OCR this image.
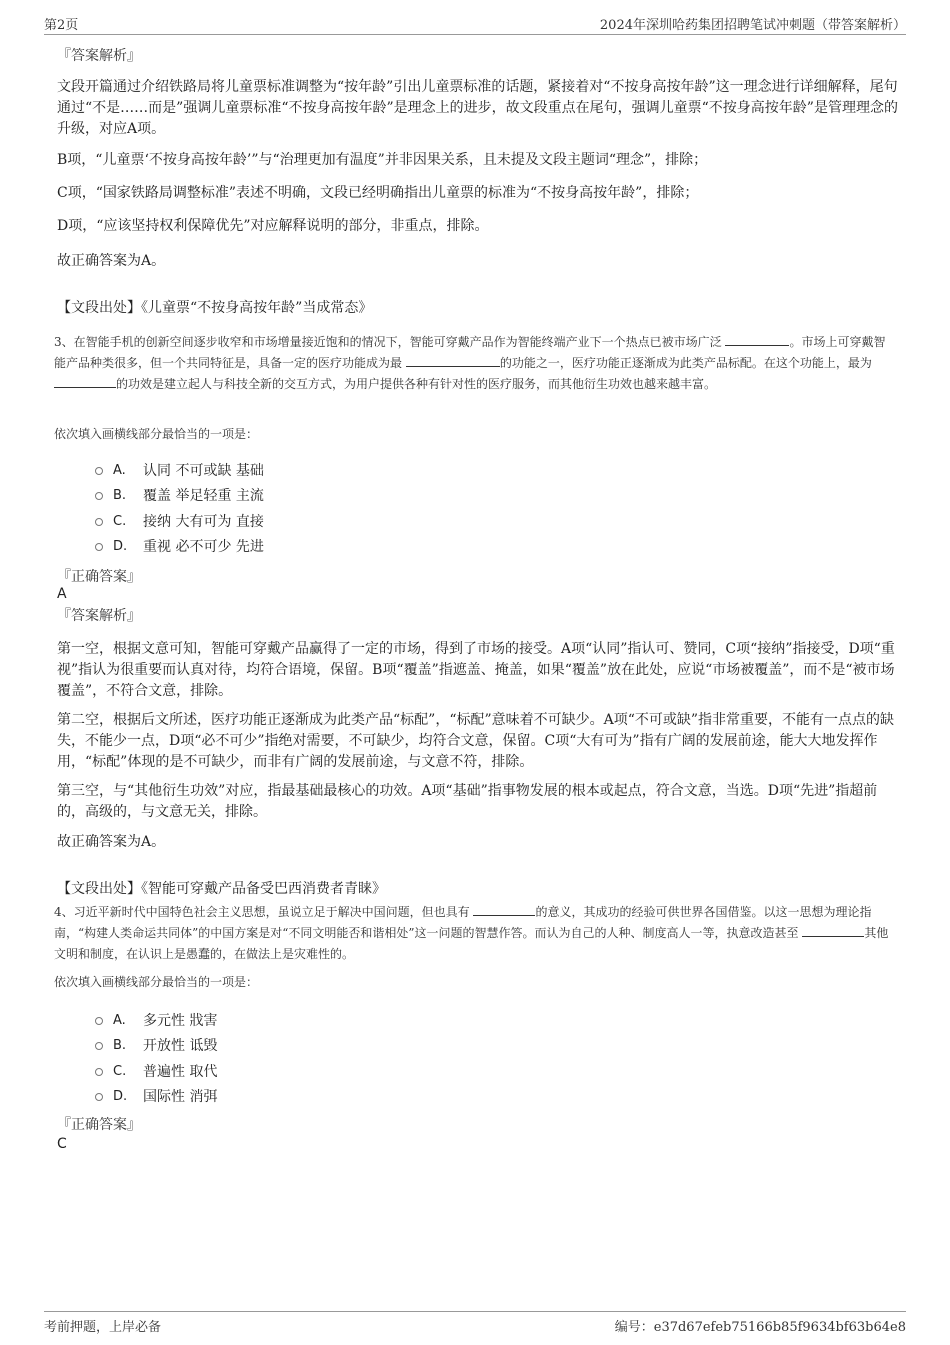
第2页	2024年深圳哈药集团招聘笔试冲刺题（带答案解析）
『答案解析』

文段开篇通过介绍铁路局将儿童票标准调整为“按年龄”引出儿童票标准的话题，紧接着对“不按身高按年龄”这一理念进行详细解释，尾句通过“不是……而是”强调儿童票标准“不按身高按年龄”是理念上的进步，故文段重点在尾句，强调儿童票“不按身高按年龄”是管理理念的升级，对应A项。

B项，“儿童票‘不按身高按年龄’”与“治理更加有温度”并非因果关系，且未提及文段主题词“理念”，排除；

C项，“国家铁路局调整标准”表述不明确，文段已经明确指出儿童票的标准为“不按身高按年龄”，排除；

D项，“应该坚持权利保障优先”对应解释说明的部分，非重点，排除。

故正确答案为A。

【文段出处】《儿童票“不按身高按年龄”当成常态》

3、在智能手机的创新空间逐步收窄和市场增量接近饱和的情况下，智能可穿戴产品作为智能终端产业下一个热点已被市场广泛	。市场上可穿戴智能产品种类很多，但一个共同特征是，具备一定的医疗功能成为最	的功能之一，医疗功能正逐渐成为此类产品标配。在这个功能上，最为 的功效是建立起人与科技全新的交互方式，为用户提供各种有针对性的医疗服务，而其他衍生功效也越来越丰富。

依次填入画横线部分最恰当的一项是：

A.	认同 不可或缺 基础
B.	覆盖 举足轻重 主流
C.	接纳 大有可为 直接
D.	重视 必不可少 先进
『正确答案』
A
『答案解析』

第一空，根据文意可知，智能可穿戴产品赢得了一定的市场，得到了市场的接受。A项“认同”指认可、赞同，C项“接纳”指接受，D项“重视”指认为很重要而认真对待，均符合语境，保留。B项“覆盖”指遮盖、掩盖，如果“覆盖”放在此处，应说“市场被覆盖”，而不是“被市场覆盖”，不符合文意，排除。

第二空，根据后文所述，医疗功能正逐渐成为此类产品“标配”，“标配”意味着不可缺少。A项“不可或缺”指非常重要，不能有一点点的缺失，不能少一点，D项“必不可少”指绝对需要，不可缺少，均符合文意，保留。C项“大有可为”指有广阔的发展前途，能大大地发挥作用，“标配”体现的是不可缺少，而非有广阔的发展前途，与文意不符，排除。

第三空，与“其他衍生功效”对应，指最基础最核心的功效。A项“基础”指事物发展的根本或起点，符合文意，当选。D项“先进”指超前的，高级的，与文意无关，排除。

故正确答案为A。

【文段出处】《智能可穿戴产品备受巴西消费者青睐》

4、习近平新时代中国特色社会主义思想，虽说立足于解决中国问题，但也具有	的意义，其成功的经验可供世界各国借鉴。以这一思想为理论指南，“构建人类命运共同体”的中国方案是对“不同文明能否和谐相处”这一问题的智慧作答。而认为自己的人种、制度高人一等，执意改造甚至	其他文明和制度，在认识上是愚蠢的，在做法上是灾难性的。

依次填入画横线部分最恰当的一项是：

A.	多元性 戕害
B.	开放性 诋毁
C.	普遍性 取代
D.	国际性 消弭
『正确答案』
C
考前押题，上岸必备	编号：e37d67efeb75166b85f9634bf63b64e8
